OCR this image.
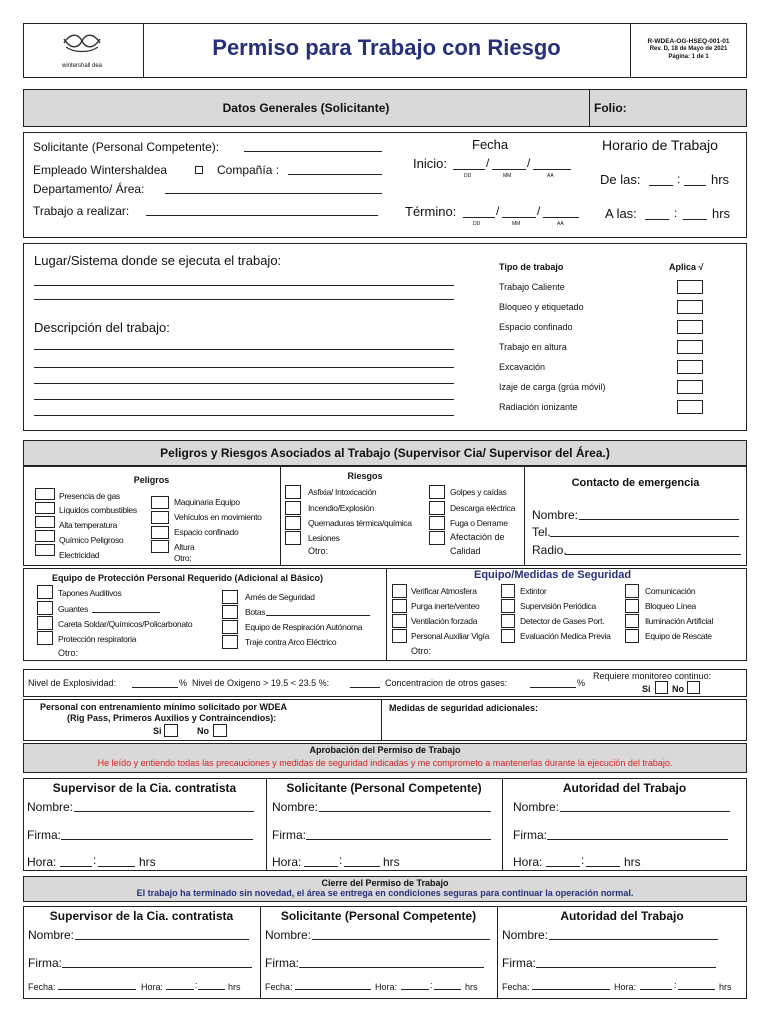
wintershall dea
Permiso para Trabajo con Riesgo	R-WDEA-OG-HSEQ-001-01
Rev. D, 18 de Mayo de 2021
Página: 1 de 1
Datos Generales (Solicitante)	Folio:
Solicitante (Personal Competente):
Empleado Wintershaldea	Compañía :
Departamento/ Área:
Trabajo a realizar:
Fecha
Inicio:	/	/
DD	MM	AA
Término:	/	/
DD	MM	AA
Horario de Trabajo
De las:	: hrs
A las:	:	hrs
Lugar/Sistema donde se ejecuta el trabajo:
Descripción del trabajo:
Tipo de trabajo	Aplica √
Trabajo Caliente
Bloqueo y etiquetado
Espacio confinado
Trabajo en altura
Excavación
Izaje de carga (grúa móvil)
Radiación ionizante
Peligros y Riesgos Asociados al Trabajo (Supervisor Cia/ Supervisor del Área.)
Peligros
Presencia de gas
Líquidos combustibles
Alta temperatura
Químico Peligroso
Electricidad
Maquinaria Equipo
Vehículos en movimiento
Espacio confinado
Altura
Otro:
Riesgos
Asfixia/ Intoxicación
Incendio/Explosión
Quemaduras térmica/química
Lesiones
Otro:
Golpes y caídas
Descarga eléctrica
Fuga o Derrame
Afectación de
Calidad
Contacto de emergencia
Nombre:
Tel.
Radio.
Equipo de Protección Personal Requerido (Adicional al Básico)
Tapones Auditivos
Guantes
Careta Soldar/Químicos/Policarbonato
Protección respiratoria
Otro:
Arnés de Seguridad
Botas
Equipo de Respiración Autónoma
Traje contra Arco Eléctrico
Equipo/Medidas de Seguridad
Verificar Atmosfera
Purga inerte/venteo
Ventilación forzada
Personal Auxiliar Vigía
Otro:
Extintor
Supervisión Periódica
Detector de Gases Port.
Evaluación Medica Previa
Comunicación
Bloqueo Línea
Iluminación Artificial
Equipo de Rescate
Nivel de Explosividad:	% Nivel de Oxigeno > 19.5 < 23.5 %:	Concentracion de otros gases:	%
Requiere monitoreo continuo:
Si No
Personal con entrenamiento mínimo solicitado por WDEA
(Rig Pass, Primeros Auxilios y Contraincendios):
Si	No
Medidas de seguridad adicionales:
Aprobación del Permiso de Trabajo
He leído y entiendo todas las precauciones y medidas de seguridad indicadas y me comprometo a mantenerlas durante la ejecución del trabajo.
Supervisor de la Cia. contratista	Solicitante (Personal Competente)	Autoridad del Trabajo
Nombre:
Firma:
Hora:	:	hrs
Nombre:
Firma:
Hora:	:	hrs
Nombre:
Firma:
Hora:	:	hrs
Cierre del Permiso de Trabajo
El trabajo ha terminado sin novedad, el área se entrega en condiciones seguras para continuar la operación normal.
Supervisor de la Cia. contratista	Solicitante (Personal Competente)	Autoridad del Trabajo
Nombre:
Firma:
Fecha:	Hora:	:	hrs
Nombre:
Firma:
Fecha:	Hora:	:	hrs
Nombre:
Firma:
Fecha:	Hora:	:	hrs
